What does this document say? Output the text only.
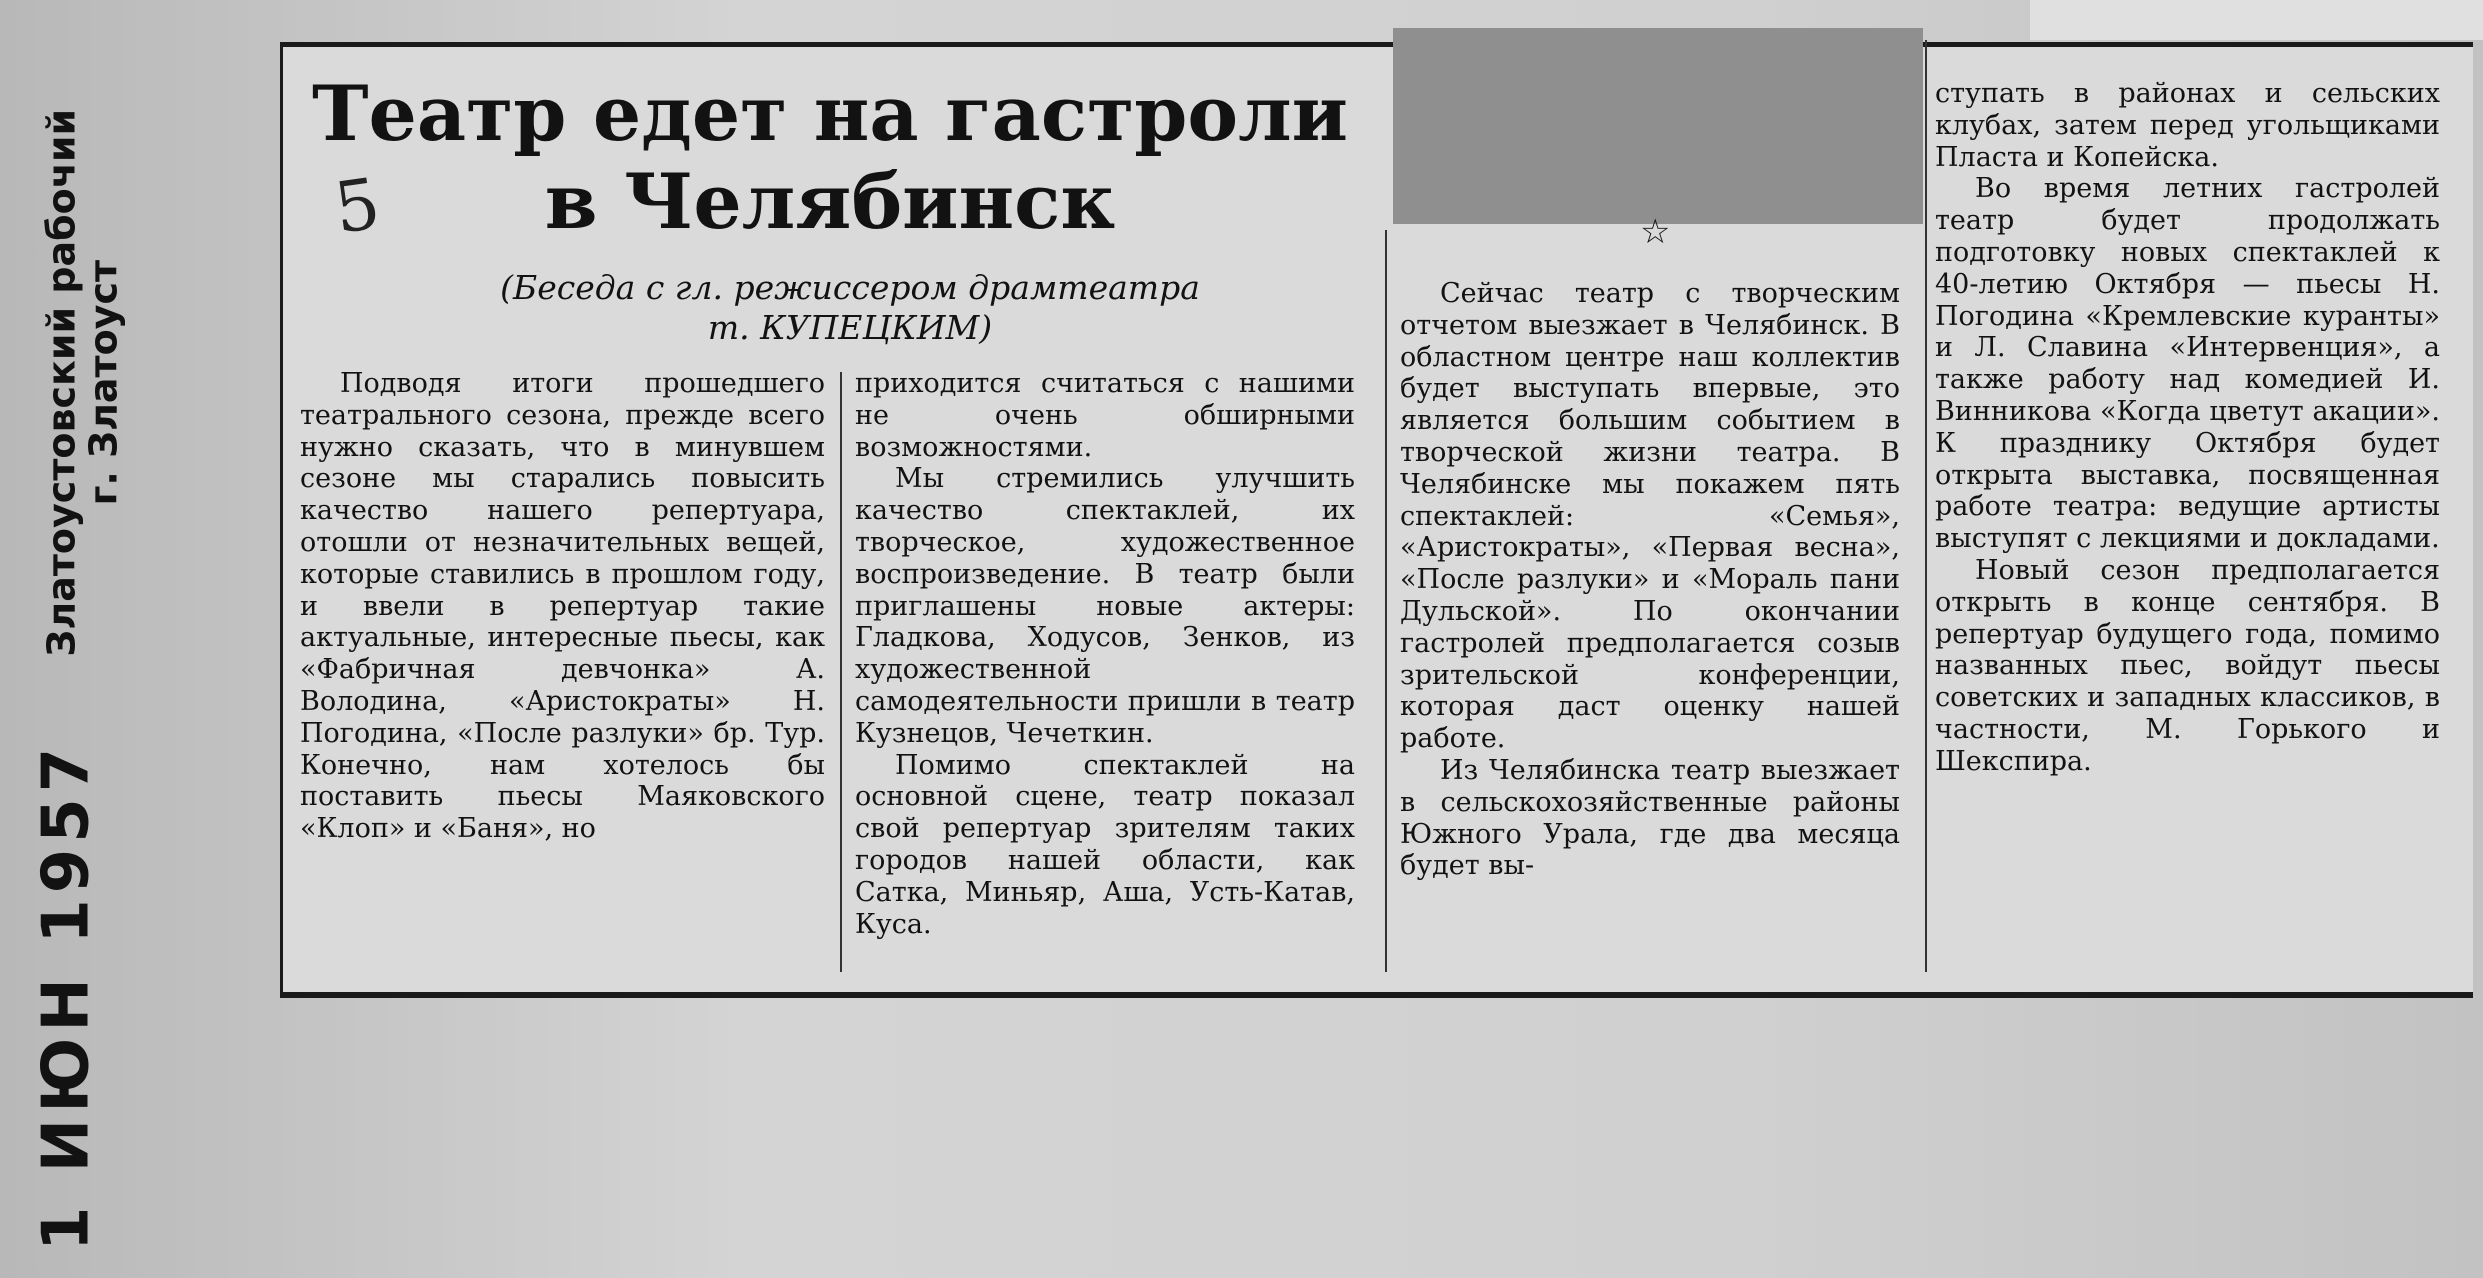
1 ИЮН 1957
Златоустовский рабочий
г. Златоуст
Театр едет на гастроли
в Челябинск
5
(Беседа с гл. режиссером драмтеатра
т. КУПЕЦКИМ)
☆

Подводя итоги прошедшего театрального сезона, прежде всего нужно сказать, что в минувшем сезоне мы старались повысить качество нашего репертуара, отошли от незначительных вещей, которые ставились в прошлом году, и ввели в репертуар такие актуальные, интересные пьесы, как «Фабричная девчонка» А. Володина, «Аристократы» Н. Погодина, «После разлуки» бр. Тур. Конечно, нам хотелось бы поставить пьесы Маяковского «Клоп» и «Баня», но

приходится считаться с нашими не очень обширными возможностями.

Мы стремились улучшить качество спектаклей, их творческое, художественное воспроизведение. В театр были приглашены новые актеры: Гладкова, Ходусов, Зенков, из художественной самодеятельности пришли в театр Кузнецов, Чечеткин.

Помимо спектаклей на основной сцене, театр показал свой репертуар зрителям таких городов нашей области, как Сатка, Миньяр, Аша, Усть-Катав, Куса.

Сейчас театр с творческим отчетом выезжает в Челябинск. В областном центре наш коллектив будет выступать впервые, это является большим событием в творческой жизни театра. В Челябинске мы покажем пять спектаклей: «Семья», «Аристократы», «Первая весна», «После разлуки» и «Мораль пани Дульской». По окончании гастролей предполагается созыв зрительской конференции, которая даст оценку нашей работе.

Из Челябинска театр выезжает в сельскохозяйственные районы Южного Урала, где два месяца будет вы-

ступать в районах и сельских клубах, затем перед угольщиками Пласта и Копейска.

Во время летних гастролей театр будет продолжать подготовку новых спектаклей к 40-летию Октября — пьесы Н. Погодина «Кремлевские куранты» и Л. Славина «Интервенция», а также работу над комедией И. Винникова «Когда цветут акации». К празднику Октября будет открыта выставка, посвященная работе театра: ведущие артисты выступят с лекциями и докладами.

Новый сезон предполагается открыть в конце сентября. В репертуар будущего года, помимо названных пьес, войдут пьесы советских и западных классиков, в частности, М. Горького и Шекспира.
